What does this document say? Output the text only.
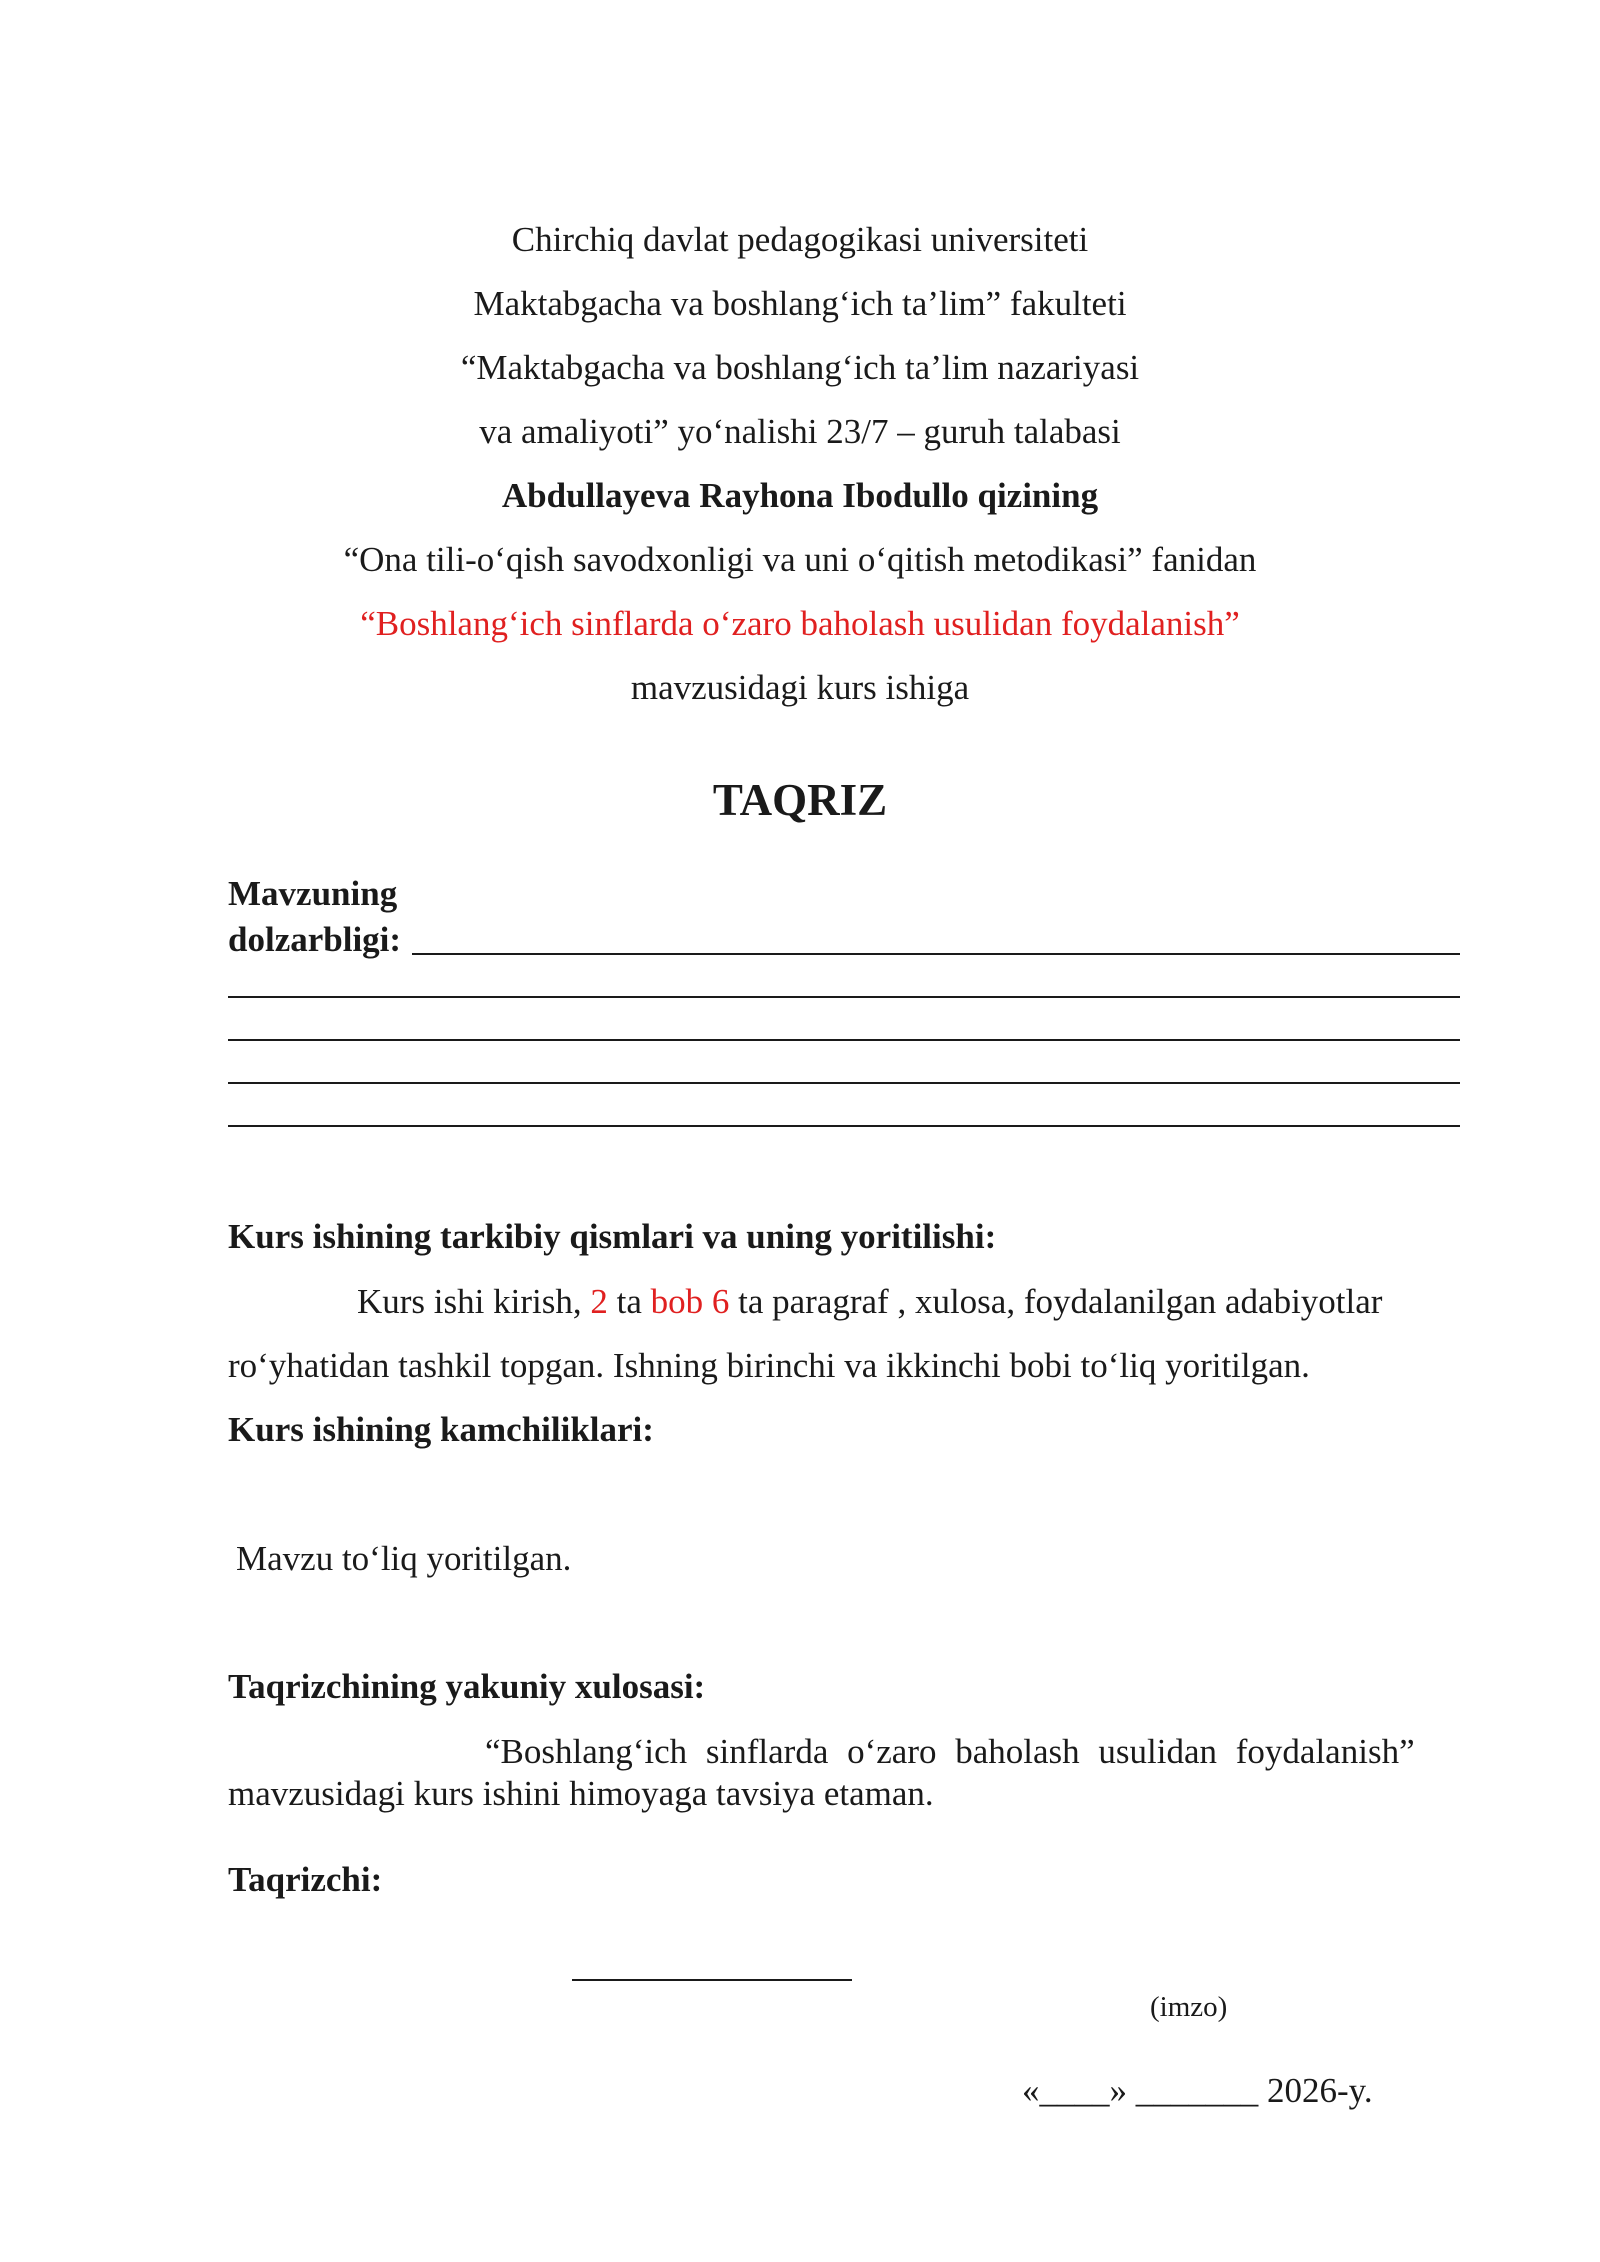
Chirchiq davlat pedagogikasi universiteti
Maktabgacha va boshlang‘ich ta’lim” fakulteti
“Maktabgacha va boshlang‘ich ta’lim nazariyasi
va amaliyoti” yo‘nalishi 23/7 – guruh talabasi
Abdullayeva Rayhona Ibodullo qizining
“Ona tili-o‘qish savodxonligi va uni o‘qitish metodikasi” fanidan
“Boshlang‘ich sinflarda o‘zaro baholash usulidan foydalanish”
mavzusidagi kurs ishiga
TAQRIZ
Mavzuning
dolzarbligi:
Kurs ishining tarkibiy qismlari va uning yoritilishi:
Kurs ishi kirish, 2 ta bob 6 ta paragraf , xulosa, foydalanilgan adabiyotlar
ro‘yhatidan tashkil topgan. Ishning birinchi va ikkinchi bobi to‘liq yoritilgan.
Kurs ishining kamchiliklari:
Mavzu to‘liq yoritilgan.
Taqrizchining yakuniy xulosasi:
“Boshlang‘ich sinflarda o‘zaro baholash usulidan foydalanish”
mavzusidagi kurs ishini himoyaga tavsiya etaman.
Taqrizchi:
(imzo)
«____» _______ 2026-y.
